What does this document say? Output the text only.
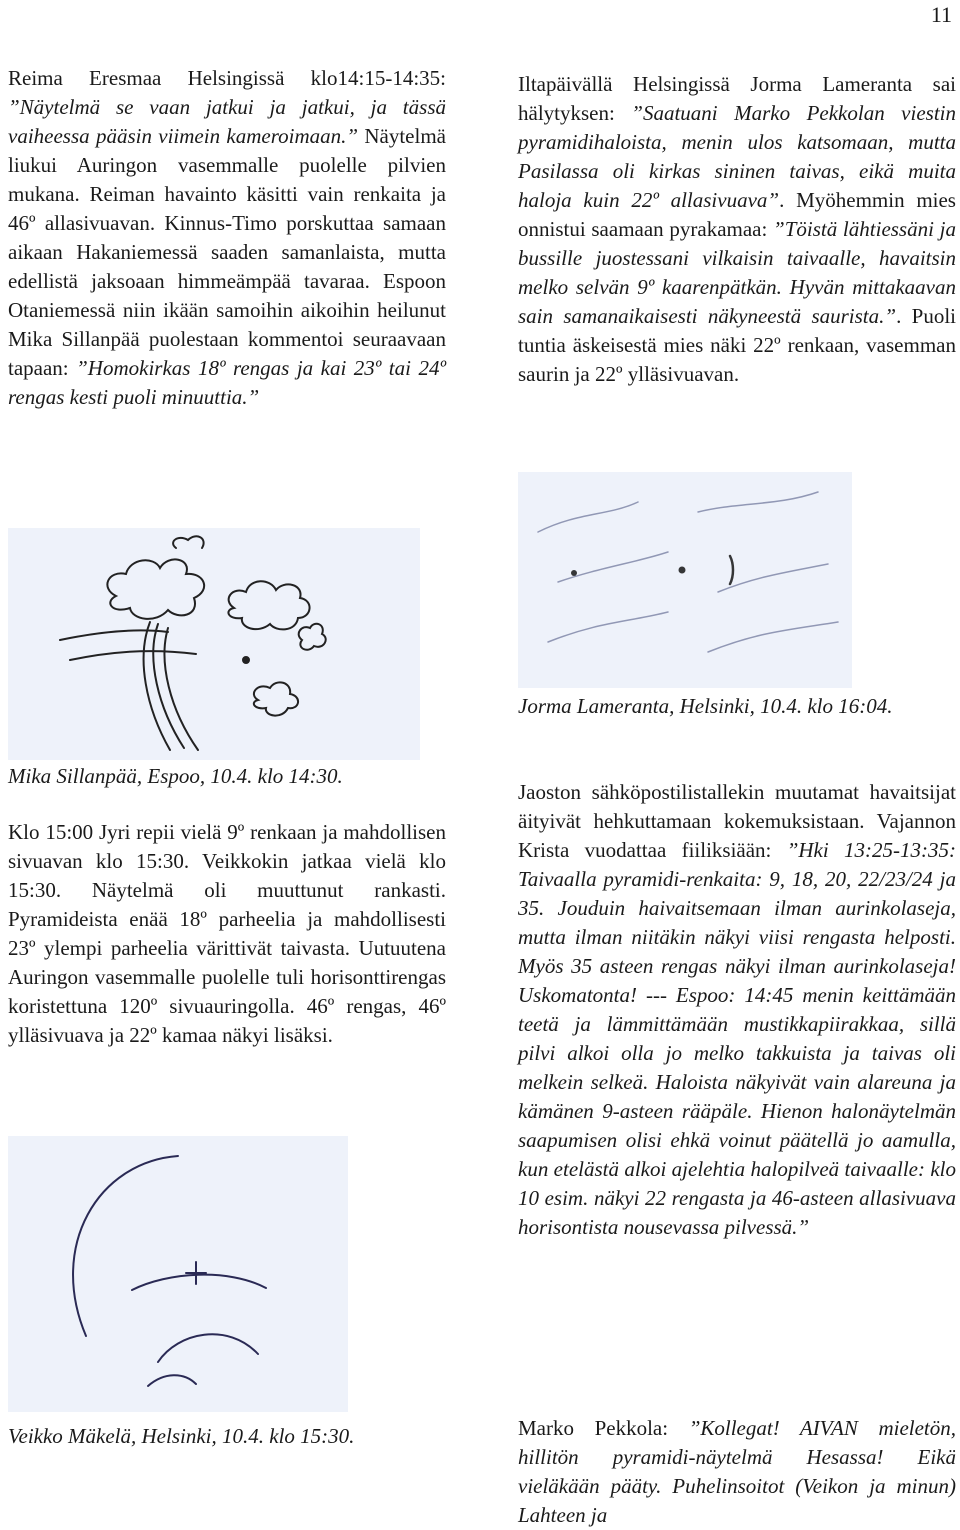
11
Reima Eresmaa Helsingissä klo14:15-14:35: ”Näytelmä se vaan jatkui ja jatkui, ja tässä vaiheessa pääsin viimein kameroimaan.” Näytelmä liukui Auringon vasemmalle puolelle pilvien mukana. Reiman havainto käsitti vain renkaita ja 46º allasivuavan. Kinnus-Timo porskuttaa samaan aikaan Hakaniemessä saaden samanlaista, mutta edellistä jaksoaan himmeämpää tavaraa. Espoon Otaniemessä niin ikään samoihin aikoihin heilunut Mika Sillanpää puolestaan kommentoi seuraavaan tapaan: ”Homokirkas 18º rengas ja kai 23º tai 24º rengas kesti puoli minuuttia.”
Mika Sillanpää, Espoo, 10.4. klo 14:30.
Klo 15:00 Jyri repii vielä 9º renkaan ja mahdollisen sivuavan klo 15:30. Veikkokin jatkaa vielä klo 15:30. Näytelmä oli muuttunut rankasti. Pyramideista enää 18º parheelia ja mahdollisesti 23º ylempi parheelia värittivät taivasta. Uutuutena Auringon vasemmalle puolelle tuli horisonttirengas koristettuna 120º sivuauringolla. 46º rengas, 46º ylläsivuava ja 22º kamaa näkyi lisäksi.
Veikko Mäkelä, Helsinki, 10.4. klo 15:30.
Iltapäivällä Helsingissä Jorma Lameranta sai hälytyksen: ”Saatuani Marko Pekkolan viestin pyramidihaloista, menin ulos katsomaan, mutta Pasilassa oli kirkas sininen taivas, eikä muita haloja kuin 22º allasivuava”. Myöhemmin mies onnistui saamaan pyrakamaa: ”Töistä lähtiessäni ja bussille juostessani vilkaisin taivaalle, havaitsin melko selvän 9º kaarenpätkän. Hyvän mittakaavan sain samanaikaisesti näkyneestä saurista.”. Puoli tuntia äskeisestä mies näki 22º renkaan, vasemman saurin ja 22º ylläsivuavan.
Jorma Lameranta, Helsinki, 10.4. klo 16:04.
Jaoston sähköpostilistallekin muutamat havaitsijat äityivät hehkuttamaan kokemuksistaan. Vajannon Krista vuodattaa fiiliksiään: ”Hki 13:25-13:35: Taivaalla pyramidi-renkaita: 9, 18, 20, 22/23/24 ja 35. Jouduin haivaitsemaan ilman aurinkolaseja, mutta ilman niitäkin näkyi viisi rengasta helposti. Myös 35 asteen rengas näkyi ilman aurinkolaseja! Uskomatonta! --- Espoo: 14:45 menin keittämään teetä ja lämmittämään mustikkapiirakkaa, sillä pilvi alkoi olla jo melko takkuista ja taivas oli melkein selkeä. Haloista näkyivät vain alareuna ja kämänen 9-asteen rääpäle. Hienon halonäytelmän saapumisen olisi ehkä voinut päätellä jo aamulla, kun etelästä alkoi ajelehtia halopilveä taivaalle: klo 10 esim. näkyi 22 rengasta ja 46-asteen allasivuava horisontista nousevassa pilvessä.”
Marko Pekkola: ”Kollegat! AIVAN mieletön, hillitön pyramidi-näytelmä Hesassa! Eikä vieläkään pääty. Puhelinsoitot (Veikon ja minun) Lahteen ja
